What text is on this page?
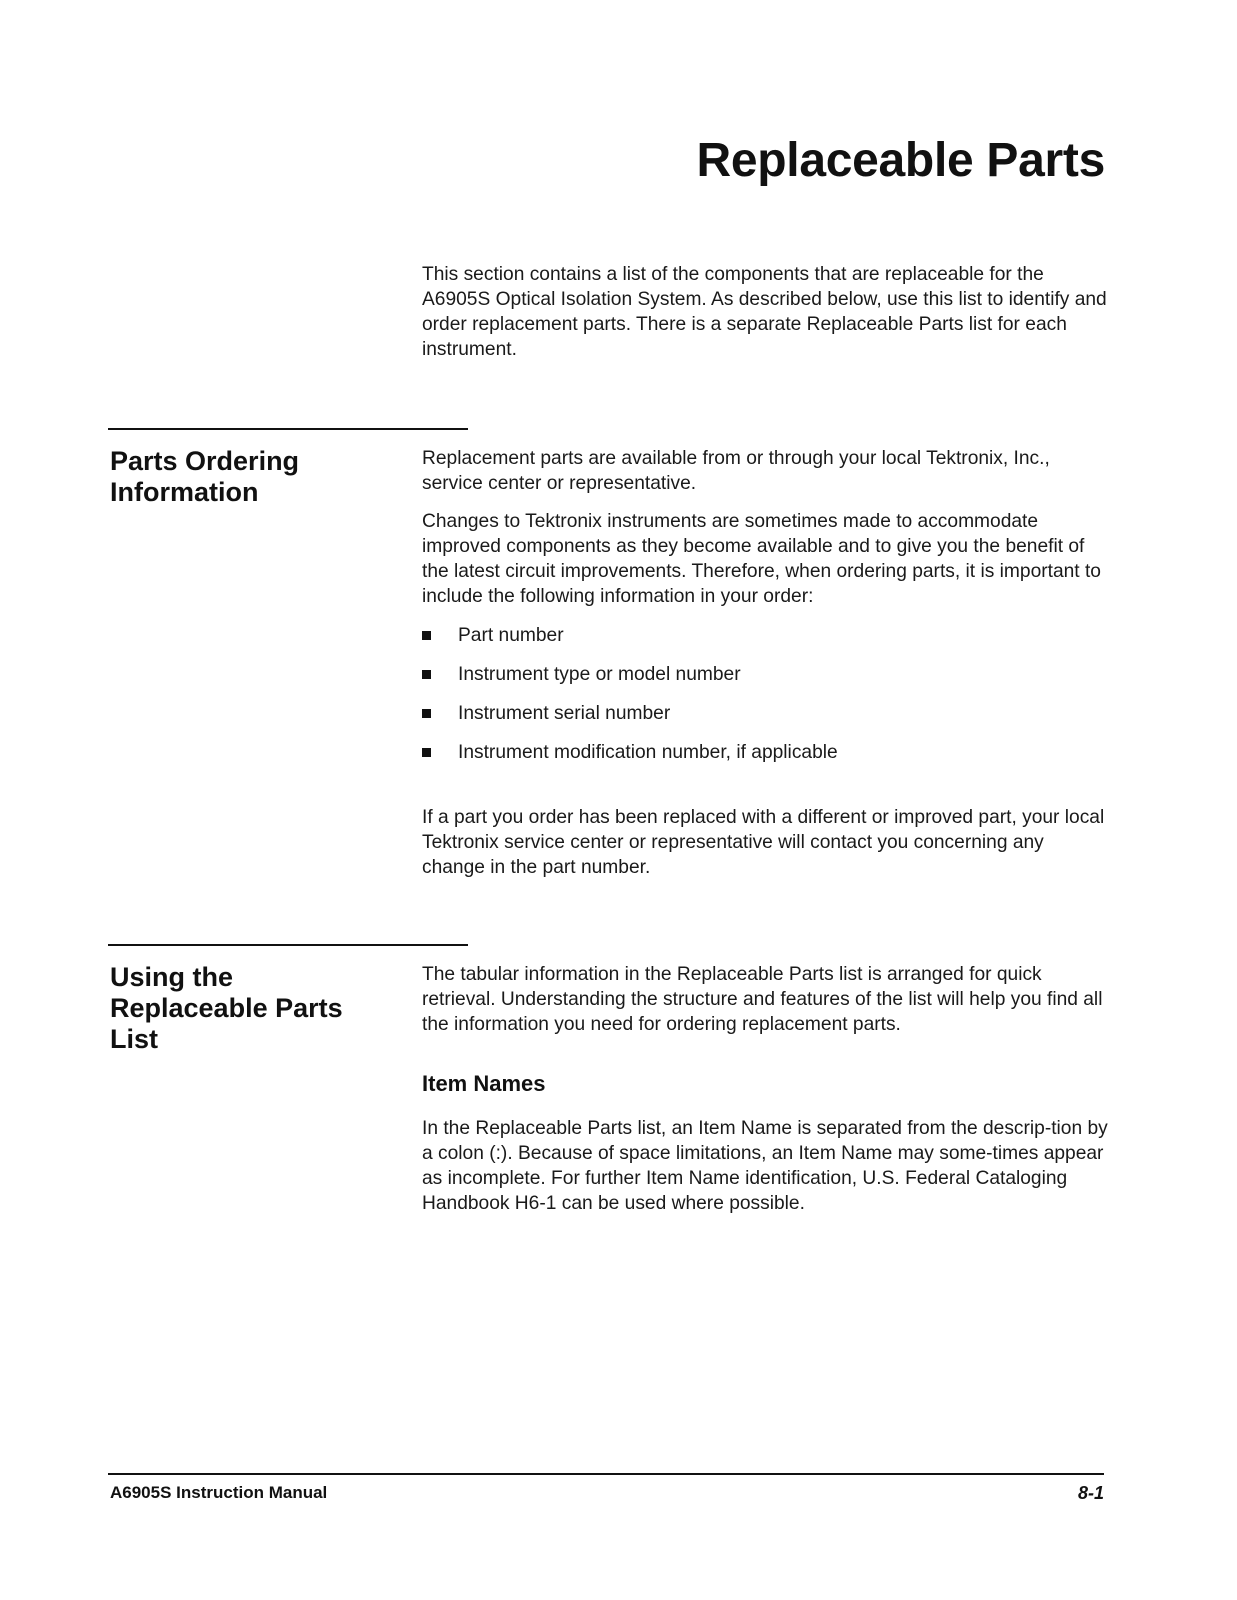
Replaceable Parts

This section contains a list of the components that are replaceable for the A6905S Optical Isolation System. As described below, use this list to identify and order replacement parts. There is a separate Replaceable Parts list for each instrument.

Parts Ordering Information

Replacement parts are available from or through your local Tektronix, Inc., service center or representative.

Changes to Tektronix instruments are sometimes made to accommodate improved components as they become available and to give you the benefit of the latest circuit improvements. Therefore, when ordering parts, it is important to include the following information in your order:

Part number
Instrument type or model number
Instrument serial number
Instrument modification number, if applicable

If a part you order has been replaced with a different or improved part, your local Tektronix service center or representative will contact you concerning any change in the part number.

Using the Replaceable Parts List

The tabular information in the Replaceable Parts list is arranged for quick retrieval. Understanding the structure and features of the list will help you find all the information you need for ordering replacement parts.

Item Names

In the Replaceable Parts list, an Item Name is separated from the descrip-tion by a colon (:). Because of space limitations, an Item Name may some-times appear as incomplete. For further Item Name identification, U.S. Federal Cataloging Handbook H6-1 can be used where possible.

A6905S Instruction Manual	8-1
